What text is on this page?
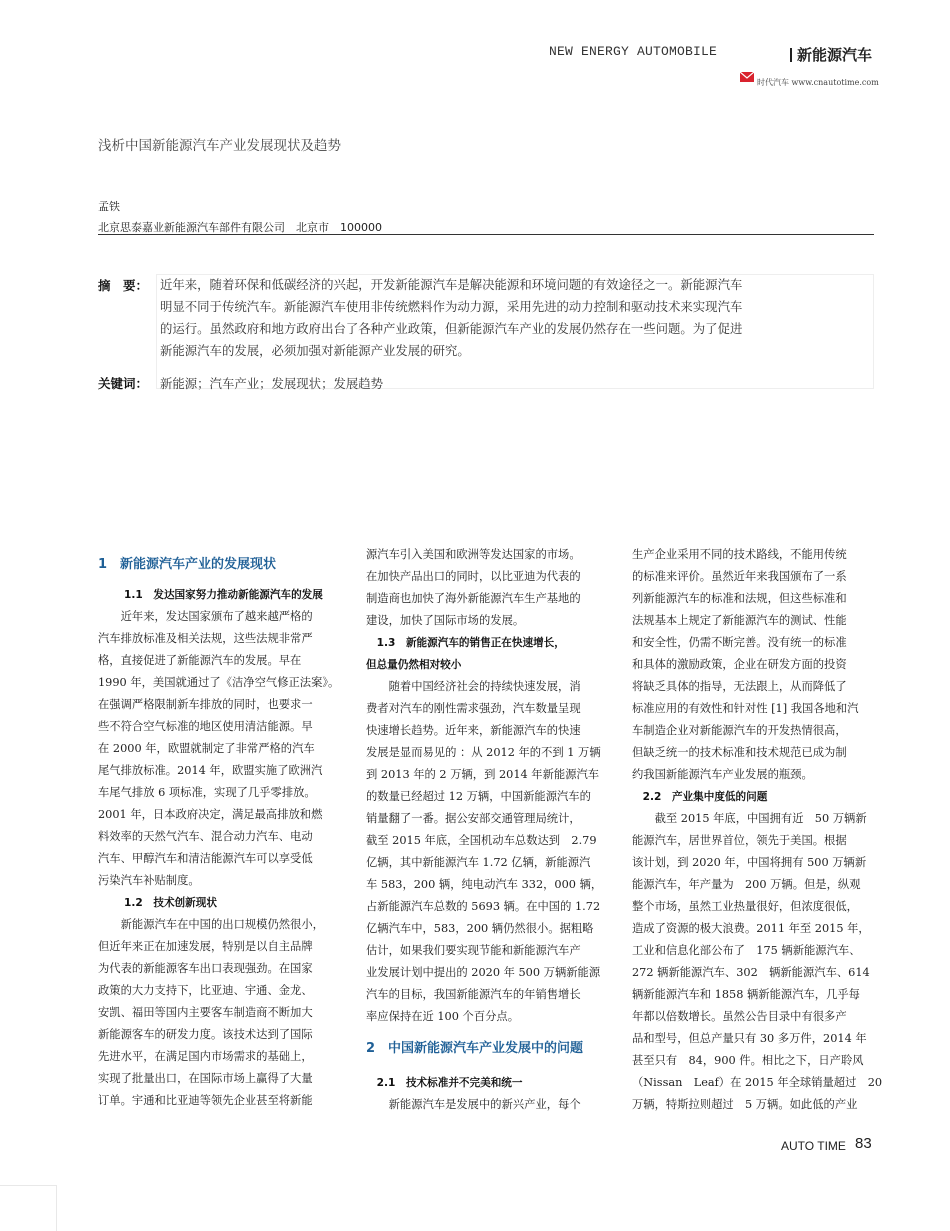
NEW ENERGY AUTOMOBILE	新能源汽车
时代汽车 www.cnautotime.com
浅析中国新能源汽车产业发展现状及趋势
孟铁
北京思泰嘉业新能源汽车部件有限公司　北京市　100000
摘　要： 近年来，随着环保和低碳经济的兴起，开发新能源汽车是解决能源和环境问题的有效途径之一。新能源汽车
明显不同于传统汽车。新能源汽车使用非传统燃料作为动力源，采用先进的动力控制和驱动技术来实现汽车
的运行。虽然政府和地方政府出台了各种产业政策，但新能源汽车产业的发展仍然存在一些问题。为了促进
新能源汽车的发展，必须加强对新能源产业发展的研究。
关键词： 新能源；汽车产业；发展现状；发展趋势
1　新能源汽车产业的发展现状
1.1　发达国家努力推动新能源汽车的发展
　　近年来，发达国家颁布了越来越严格的
汽车排放标准及相关法规，这些法规非常严
格，直接促进了新能源汽车的发展。早在
1990 年，美国就通过了《洁净空气修正法案》。
在强调严格限制新车排放的同时，也要求一
些不符合空气标准的地区使用清洁能源。早
在 2000 年，欧盟就制定了非常严格的汽车
尾气排放标准。2014 年，欧盟实施了欧洲汽
车尾气排放 6 项标准，实现了几乎零排放。
2001 年，日本政府决定，满足最高排放和燃
料效率的天然气汽车、混合动力汽车、电动
汽车、甲醇汽车和清洁能源汽车可以享受低
污染汽车补贴制度。
1.2　技术创新现状
　　新能源汽车在中国的出口规模仍然很小，
但近年来正在加速发展，特别是以自主品牌
为代表的新能源客车出口表现强劲。在国家
政策的大力支持下，比亚迪、宇通、金龙、
安凯、福田等国内主要客车制造商不断加大
新能源客车的研发力度。该技术达到了国际
先进水平，在满足国内市场需求的基础上，
实现了批量出口，在国际市场上赢得了大量
订单。宇通和比亚迪等领先企业甚至将新能
源汽车引入美国和欧洲等发达国家的市场。
在加快产品出口的同时，以比亚迪为代表的
制造商也加快了海外新能源汽车生产基地的
建设，加快了国际市场的发展。
　1.3　新能源汽车的销售正在快速增长，
但总量仍然相对较小
　　随着中国经济社会的持续快速发展，消
费者对汽车的刚性需求强劲，汽车数量呈现
快速增长趋势。近年来，新能源汽车的快速
发展是显而易见的 ：从 2012 年的不到 1 万辆
到 2013 年的 2 万辆，到 2014 年新能源汽车
的数量已经超过 12 万辆，中国新能源汽车的
销量翻了一番。据公安部交通管理局统计，
截至 2015 年底，全国机动车总数达到　2.79
亿辆，其中新能源汽车 1.72 亿辆，新能源汽
车 583，200 辆，纯电动汽车 332，000 辆，
占新能源汽车总数的 5693 辆。在中国的 1.72
亿辆汽车中，583，200 辆仍然很小。据粗略
估计，如果我们要实现节能和新能源汽车产
业发展计划中提出的 2020 年 500 万辆新能源
汽车的目标，我国新能源汽车的年销售增长
率应保持在近 100 个百分点。
2　中国新能源汽车产业发展中的问题
　2.1　技术标准并不完美和统一
　　新能源汽车是发展中的新兴产业，每个
生产企业采用不同的技术路线，不能用传统
的标准来评价。虽然近年来我国颁布了一系
列新能源汽车的标准和法规，但这些标准和
法规基本上规定了新能源汽车的测试、性能
和安全性，仍需不断完善。没有统一的标准
和具体的激励政策，企业在研发方面的投资
将缺乏具体的指导，无法跟上，从而降低了
标准应用的有效性和针对性 [1] 我国各地和汽
车制造企业对新能源汽车的开发热情很高，
但缺乏统一的技术标准和技术规范已成为制
约我国新能源汽车产业发展的瓶颈。
　2.2　产业集中度低的问题
　　截至 2015 年底，中国拥有近　50 万辆新
能源汽车，居世界首位，领先于美国。根据
该计划，到 2020 年，中国将拥有 500 万辆新
能源汽车，年产量为　200 万辆。但是，纵观
整个市场，虽然工业热量很好，但浓度很低，
造成了资源的极大浪费。2011 年至 2015 年，
工业和信息化部公布了　175 辆新能源汽车、
272 辆新能源汽车、302　辆新能源汽车、614
辆新能源汽车和 1858 辆新能源汽车，几乎每
年都以倍数增长。虽然公告目录中有很多产
品和型号，但总产量只有 30 多万件，2014 年
甚至只有　84，900 件。相比之下，日产聆风
（Nissan　Leaf）在 2015 年全球销量超过　20
万辆，特斯拉则超过　5 万辆。如此低的产业
AUTO TIME 83
